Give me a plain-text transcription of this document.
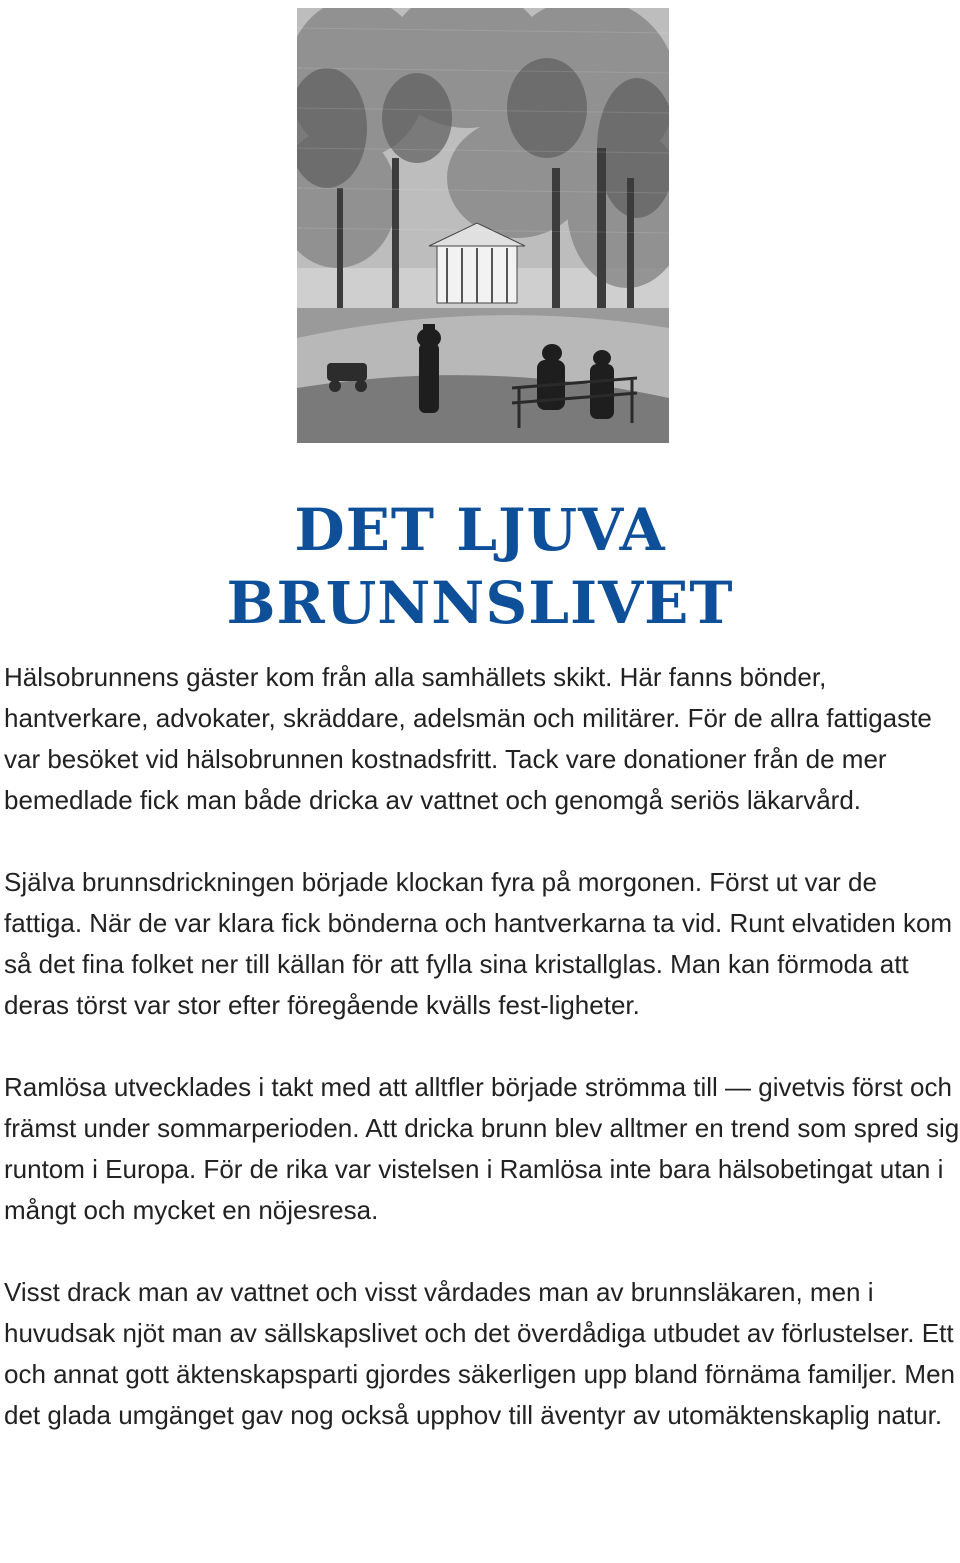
DET LJUVA
BRUNNSLIVET

Hälsobrunnens gäster kom från alla samhällets skikt. Här fanns bönder, hantverkare, advokater, skräddare, adelsmän och militärer. För de allra fattigaste var besöket vid hälsobrunnen kostnadsfritt. Tack vare donationer från de mer bemedlade fick man både dricka av vattnet och genomgå seriös läkarvård.

Själva brunnsdrickningen började klockan fyra på morgonen. Först ut var de fattiga. När de var klara fick bönderna och hantverkarna ta vid. Runt elvatiden kom så det fina folket ner till källan för att fylla sina kristallglas. Man kan förmoda att deras törst var stor efter föregående kvälls fest-ligheter.

Ramlösa utvecklades i takt med att alltfler började strömma till — givetvis först och främst under sommarperioden. Att dricka brunn blev alltmer en trend som spred sig runtom i Europa. För de rika var vistelsen i Ramlösa inte bara hälsobetingat utan i mångt och mycket en nöjesresa.

Visst drack man av vattnet och visst vårdades man av brunnsläkaren, men i huvudsak njöt man av sällskapslivet och det överdådiga utbudet av förlustelser. Ett och annat gott äktenskapsparti gjordes säkerligen upp bland förnäma familjer. Men det glada umgänget gav nog också upphov till äventyr av utomäktenskaplig natur.
